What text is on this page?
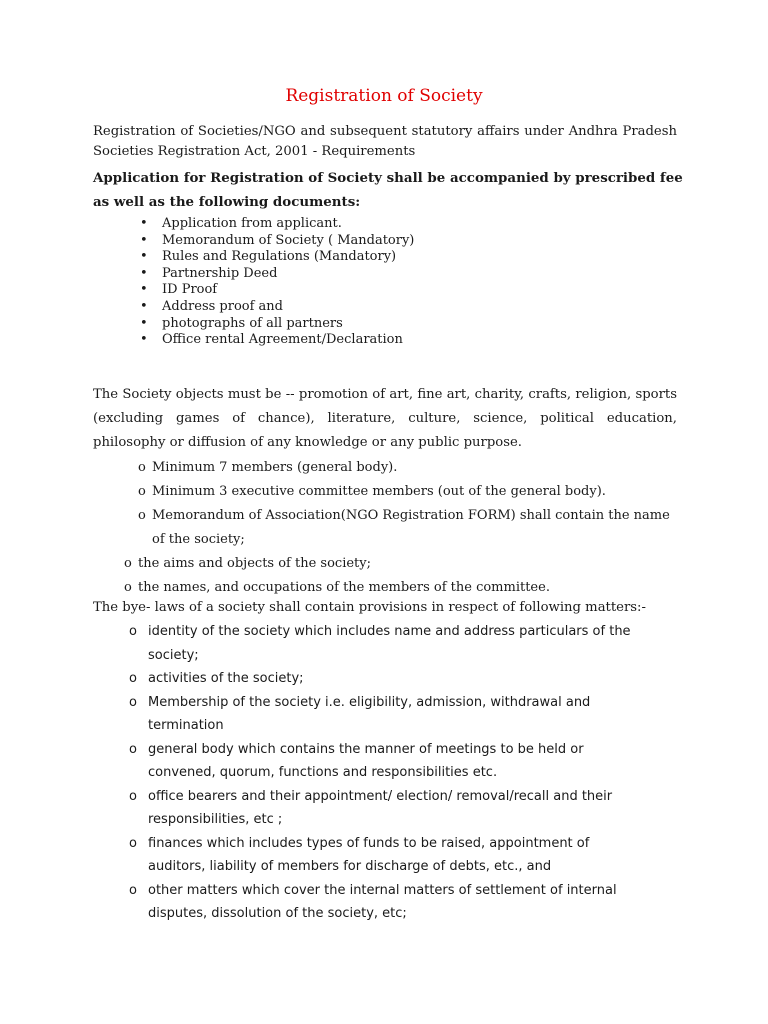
Registration of Society
Registration of Societies/NGO and subsequent statutory affairs under Andhra Pradesh Societies Registration Act, 2001 - Requirements
Application for Registration of Society shall be accompanied by prescribed fee as well as the following documents:
• Application from applicant.
• Memorandum of Society ( Mandatory)
• Rules and Regulations (Mandatory)
• Partnership Deed
• ID Proof
• Address proof and
• photographs of all partners
• Office rental Agreement/Declaration
The Society objects must be -- promotion of art, fine art, charity, crafts, religion, sports (excluding games of chance), literature, culture, science, political education, philosophy or diffusion of any knowledge or any public purpose.
o Minimum 7 members (general body).
o Minimum 3 executive committee members (out of the general body).
o Memorandum of Association(NGO Registration FORM) shall contain the name of the society;
o the aims and objects of the society;
o the names, and occupations of the members of the committee.
The bye- laws of a society shall contain provisions in respect of following matters:-
o identity of the society which includes name and address particulars of the society;
o activities of the society;
o Membership of the society i.e. eligibility, admission, withdrawal and termination
o general body which contains the manner of meetings to be held or convened, quorum, functions and responsibilities etc.
o office bearers and their appointment/ election/ removal/recall and their responsibilities, etc ;
o finances which includes types of funds to be raised, appointment of auditors, liability of members for discharge of debts, etc., and
o other matters which cover the internal matters of settlement of internal disputes, dissolution of the society, etc;
